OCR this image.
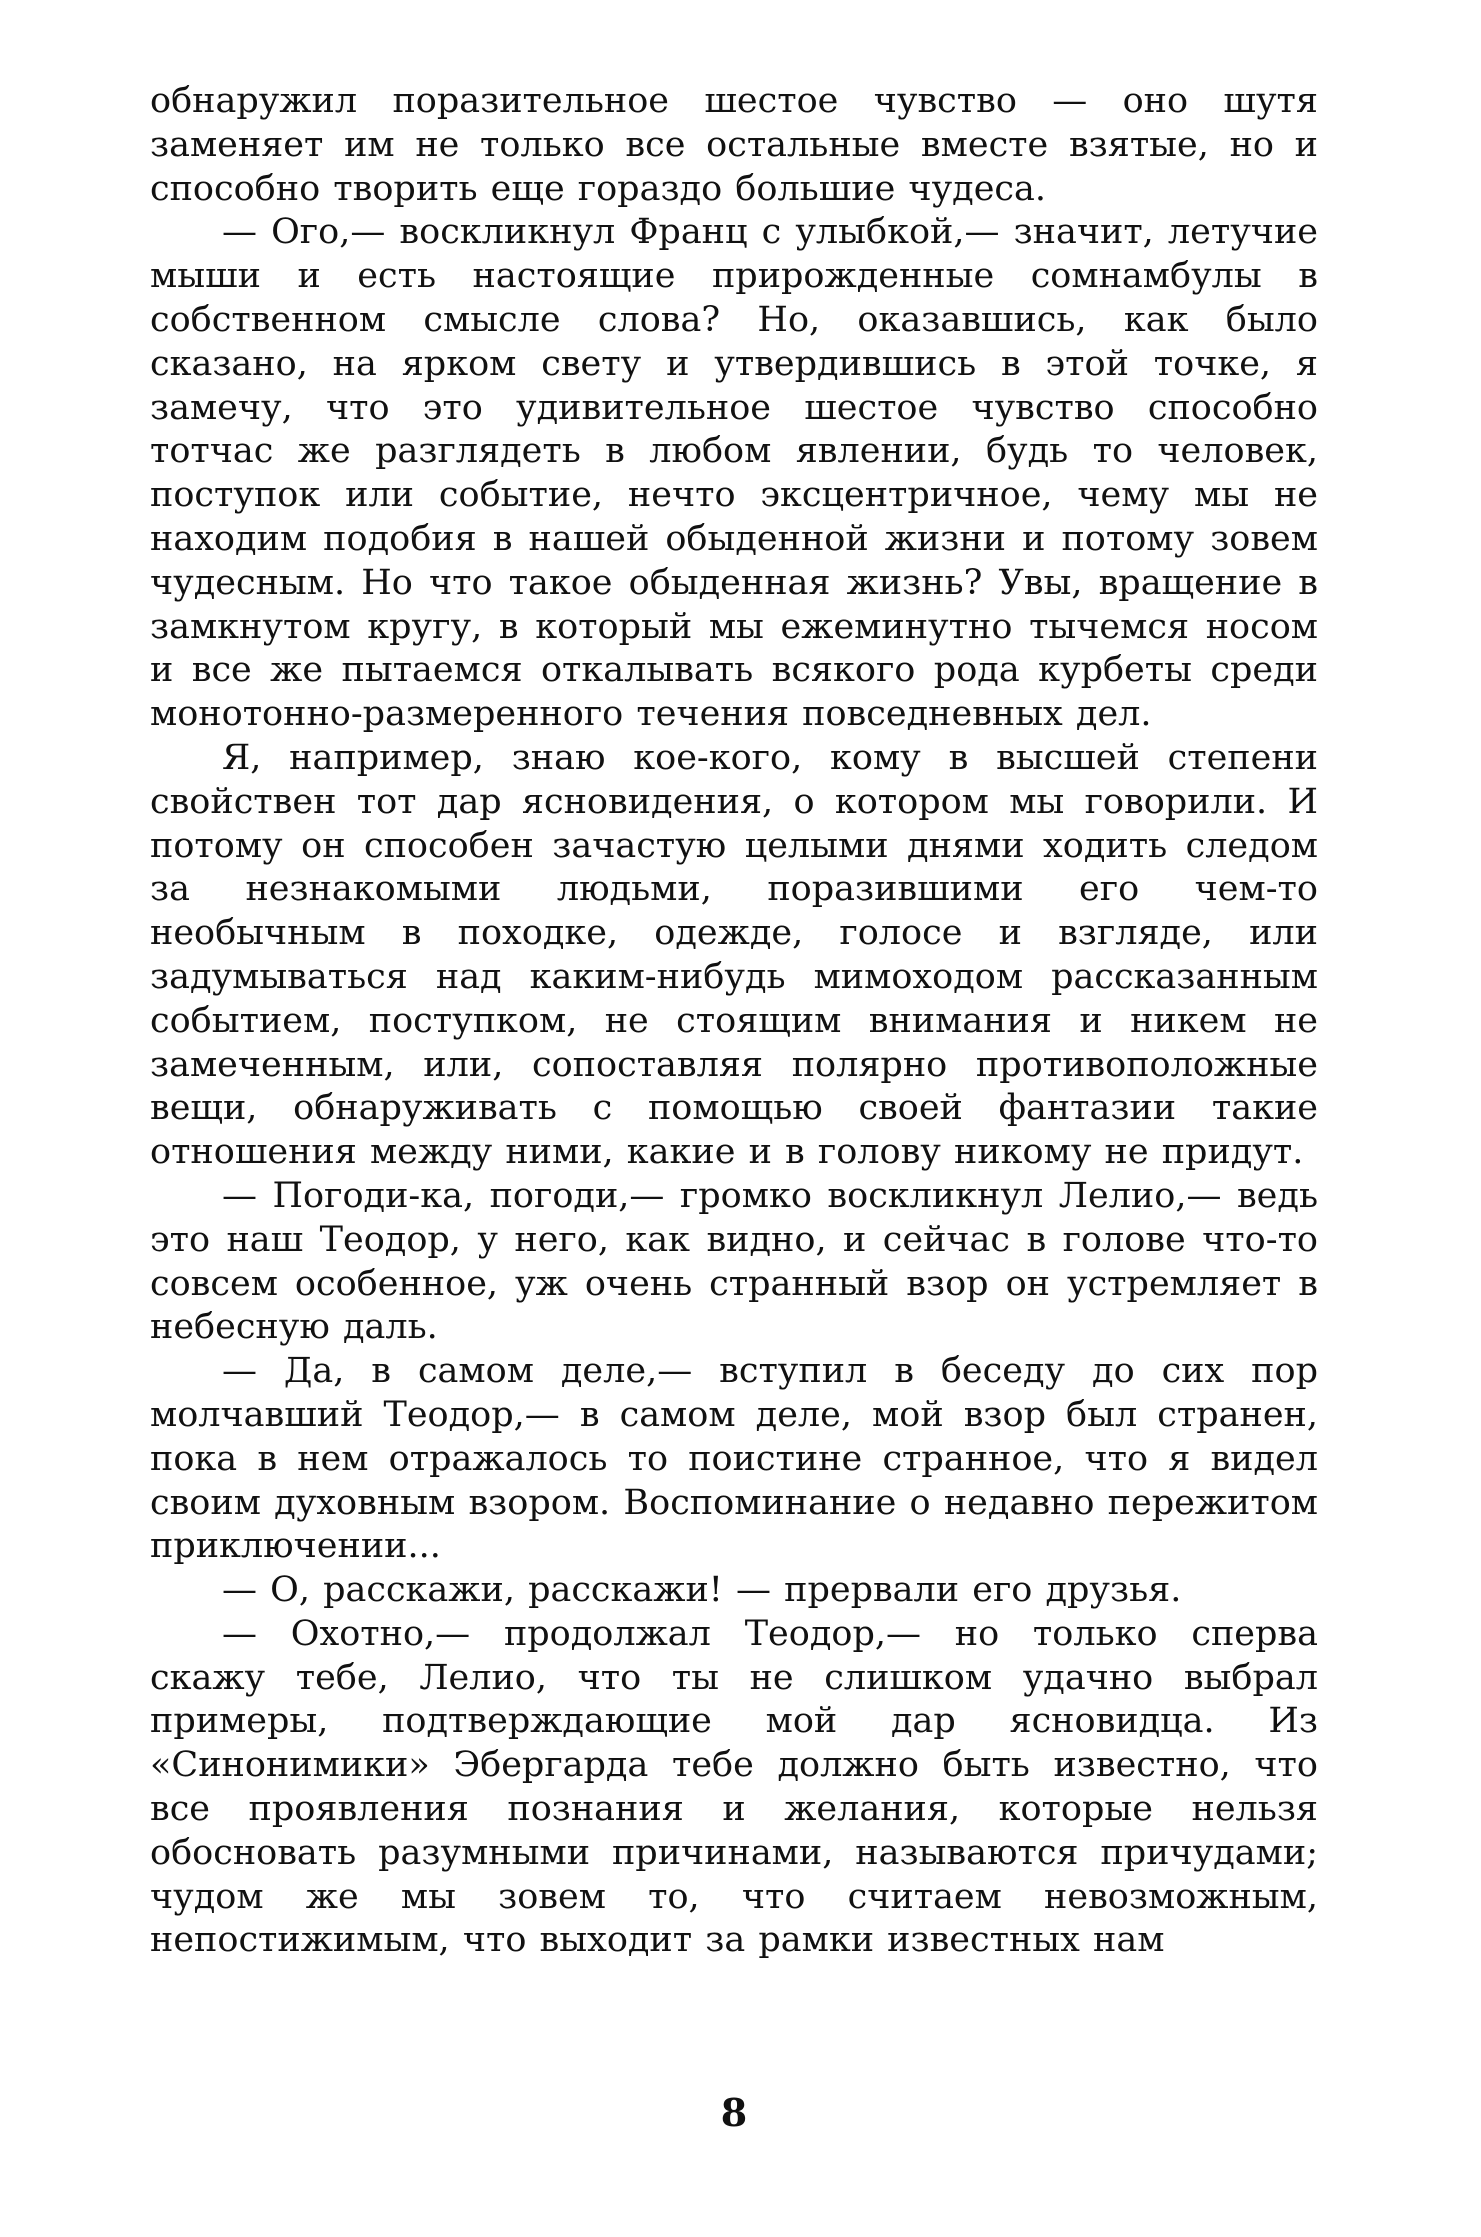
обнаружил поразительное шестое чувство — оно шутя заменяет им не только все остальные вместе взятые, но и способно творить еще гораздо большие чудеса.

— Ого,— воскликнул Франц с улыбкой,— значит, летучие мыши и есть настоящие прирожденные сомнамбулы в собственном смысле слова? Но, оказавшись, как было сказано, на ярком свету и утвердившись в этой точке, я замечу, что это удивительное шестое чувство способно тотчас же разглядеть в любом явлении, будь то человек, поступок или событие, нечто эксцентричное, чему мы не находим подобия в нашей обыденной жизни и потому зовем чудесным. Но что такое обыденная жизнь? Увы, вращение в замкнутом кругу, в который мы ежеминутно тычемся носом и все же пытаемся откалывать всякого рода курбеты среди монотонно-размеренного течения повседневных дел.

Я, например, знаю кое-кого, кому в высшей степени свойствен тот дар ясновидения, о котором мы говорили. И потому он способен зачастую целыми днями ходить следом за незнакомыми людьми, поразившими его чем-то необычным в походке, одежде, голосе и взгляде, или задумываться над каким-нибудь мимоходом рассказанным событием, поступком, не стоящим внимания и никем не замеченным, или, сопоставляя полярно противоположные вещи, обнаруживать с помощью своей фантазии такие отношения между ними, какие и в голову никому не придут.

— Погоди-ка, погоди,— громко воскликнул Лелио,— ведь это наш Теодор, у него, как видно, и сейчас в голове что-то совсем особенное, уж очень странный взор он устремляет в небесную даль.

— Да, в самом деле,— вступил в беседу до сих пор молчавший Теодор,— в самом деле, мой взор был странен, пока в нем отражалось то поистине странное, что я видел своим духовным взором. Воспоминание о недавно пережитом приключении...

— О, расскажи, расскажи! — прервали его друзья.

— Охотно,— продолжал Теодор,— но только сперва скажу тебе, Лелио, что ты не слишком удачно выбрал примеры, подтверждающие мой дар ясновидца. Из «Синонимики» Эбергарда тебе должно быть известно, что все проявления познания и желания, которые нельзя обосновать разумными причинами, называются причудами; чудом же мы зовем то, что считаем невозможным, непостижимым, что выходит за рамки известных нам

8
